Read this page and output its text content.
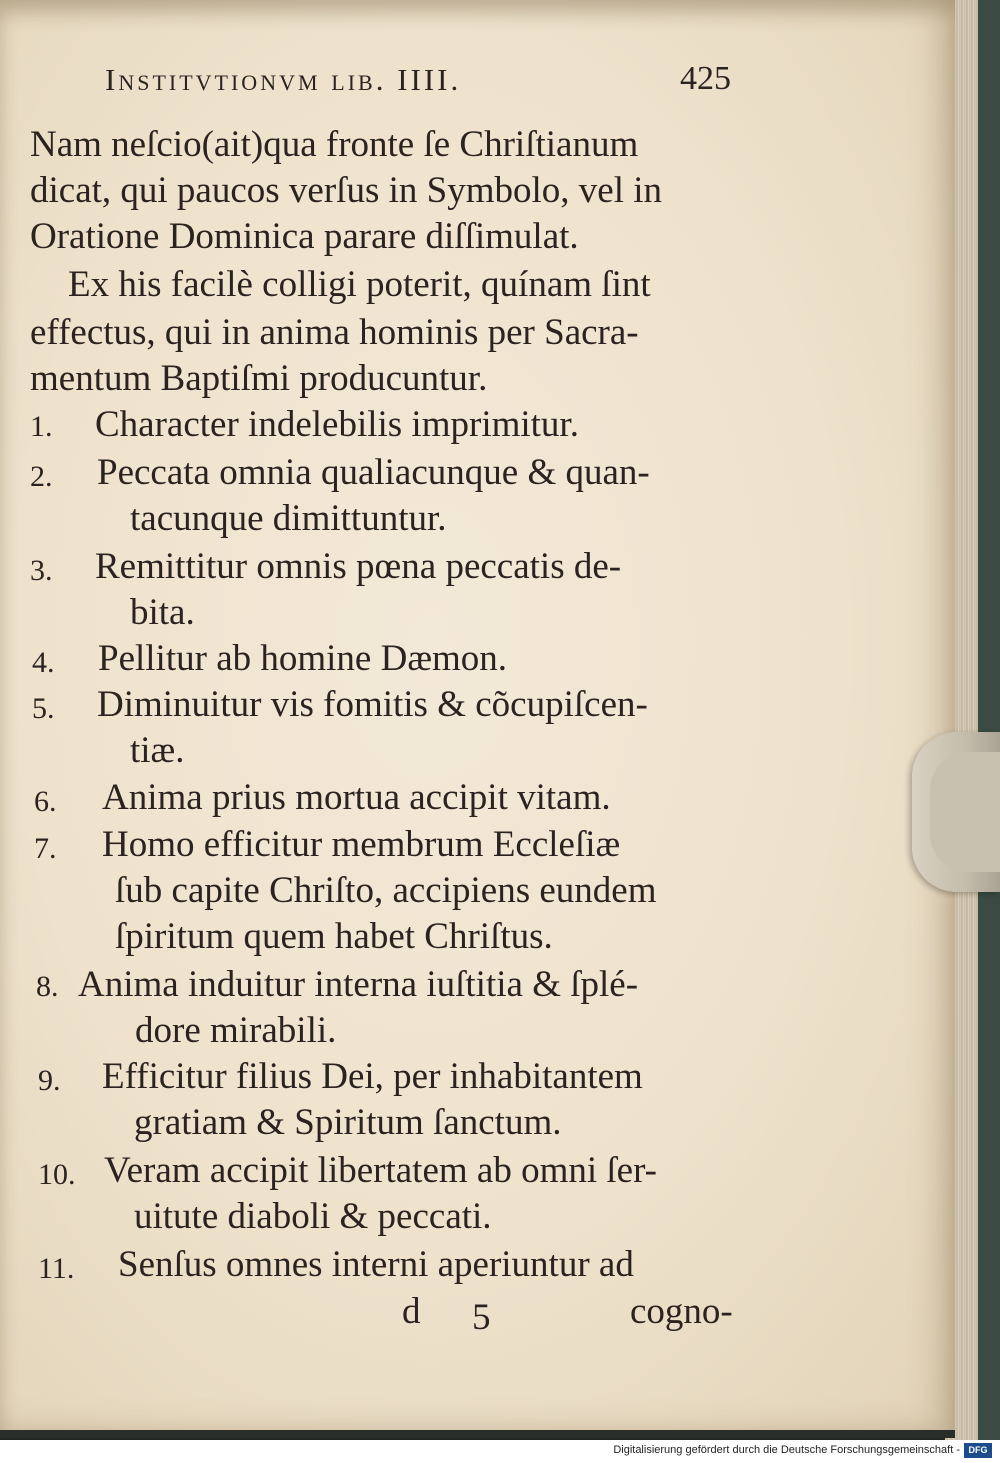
Institvtionvm lib. IIII.	425
Nam neſcio(ait)qua fronte ſe Chriſtianum
dicat, qui paucos verſus in Symbolo, vel in
Oratione Dominica parare diſſimulat.
Ex his facilè colligi poterit, quínam ſint
effectus, qui in anima hominis per Sacra-
mentum Baptiſmi producuntur.
1. Character indelebilis imprimitur.
2. Peccata omnia qualiacunque & quan-
tacunque dimittuntur.
3. Remittitur omnis pœna peccatis de-
bita.
4. Pellitur ab homine Dæmon.
5. Diminuitur vis fomitis & cõcupiſcen-
tiæ.
6. Anima prius mortua accipit vitam.
7. Homo efficitur membrum Eccleſiæ
ſub capite Chriſto, accipiens eundem
ſpiritum quem habet Chriſtus.
8. Anima induitur interna iuſtitia & ſplé-
dore mirabili.
9. Efficitur filius Dei, per inhabitantem
gratiam & Spiritum ſanctum.
10. Veram accipit libertatem ab omni ſer-
uitute diaboli & peccati.
11. Senſus omnes interni aperiuntur ad
d 5	cogno-
Digitalisierung gefördert durch die Deutsche Forschungsgemeinschaft - DFG
